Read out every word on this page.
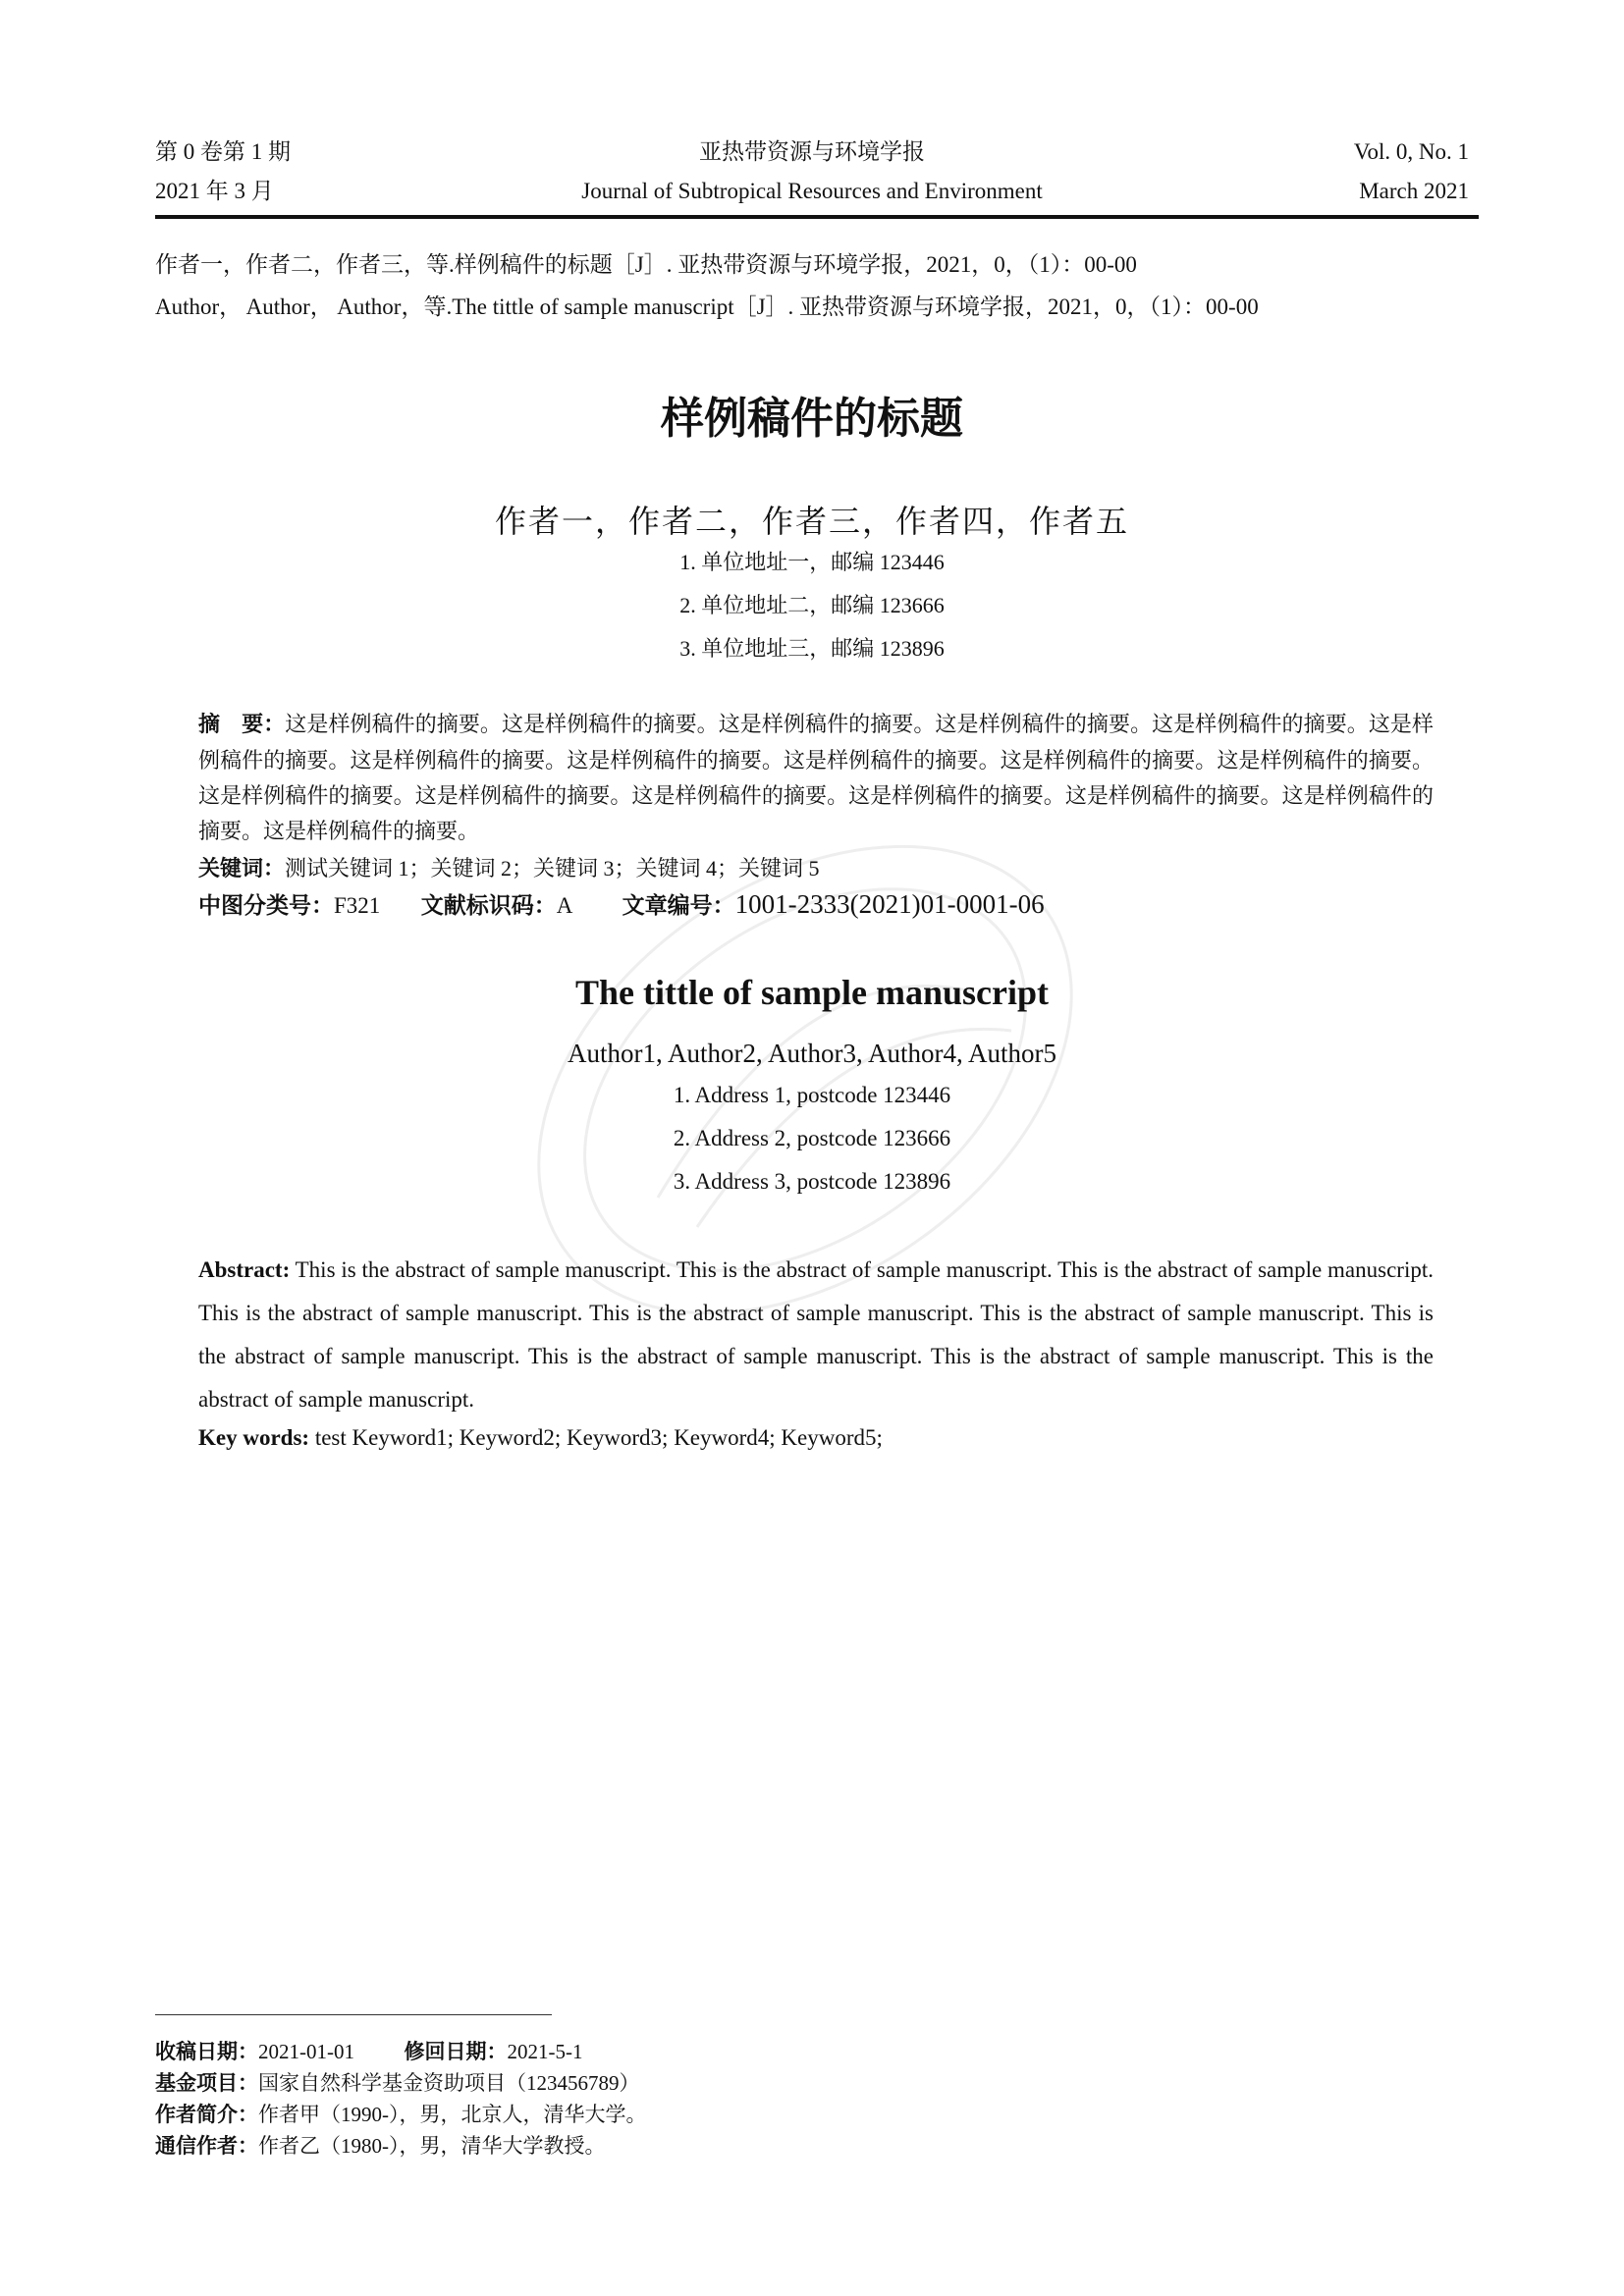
第 0 卷第 1 期
2021 年 3 月
亚热带资源与环境学报
Journal of Subtropical Resources and Environment
Vol. 0, No. 1
March 2021
作者一，作者二，作者三，等.样例稿件的标题［J］. 亚热带资源与环境学报，2021，0，（1）：00-00
Author， Author， Author，等.The tittle of sample manuscript［J］. 亚热带资源与环境学报，2021，0，（1）：00-00
样例稿件的标题
作者一，作者二，作者三，作者四，作者五
1. 单位地址一，邮编 123446
2. 单位地址二，邮编 123666
3. 单位地址三，邮编 123896
摘　要：这是样例稿件的摘要。这是样例稿件的摘要。这是样例稿件的摘要。这是样例稿件的摘要。这是样例稿件的摘要。这是样例稿件的摘要。这是样例稿件的摘要。这是样例稿件的摘要。这是样例稿件的摘要。这是样例稿件的摘要。这是样例稿件的摘要。这是样例稿件的摘要。这是样例稿件的摘要。这是样例稿件的摘要。这是样例稿件的摘要。这是样例稿件的摘要。这是样例稿件的摘要。这是样例稿件的摘要。
关键词：测试关键词 1；关键词 2；关键词 3；关键词 4；关键词 5
中图分类号：F321 文献标识码：A 文章编号：1001-2333(2021)01-0001-06
The tittle of sample manuscript
Author1, Author2, Author3, Author4, Author5
1. Address 1, postcode 123446
2. Address 2, postcode 123666
3. Address 3, postcode 123896
Abstract: This is the abstract of sample manuscript. This is the abstract of sample manuscript. This is the abstract of sample manuscript. This is the abstract of sample manuscript. This is the abstract of sample manuscript. This is the abstract of sample manuscript. This is the abstract of sample manuscript. This is the abstract of sample manuscript. This is the abstract of sample manuscript. This is the abstract of sample manuscript.
Key words: test Keyword1; Keyword2; Keyword3; Keyword4; Keyword5;
收稿日期：2021-01-01 修回日期：2021-5-1
基金项目：国家自然科学基金资助项目（123456789）
作者简介：作者甲（1990-），男，北京人，清华大学。
通信作者：作者乙（1980-），男，清华大学教授。
